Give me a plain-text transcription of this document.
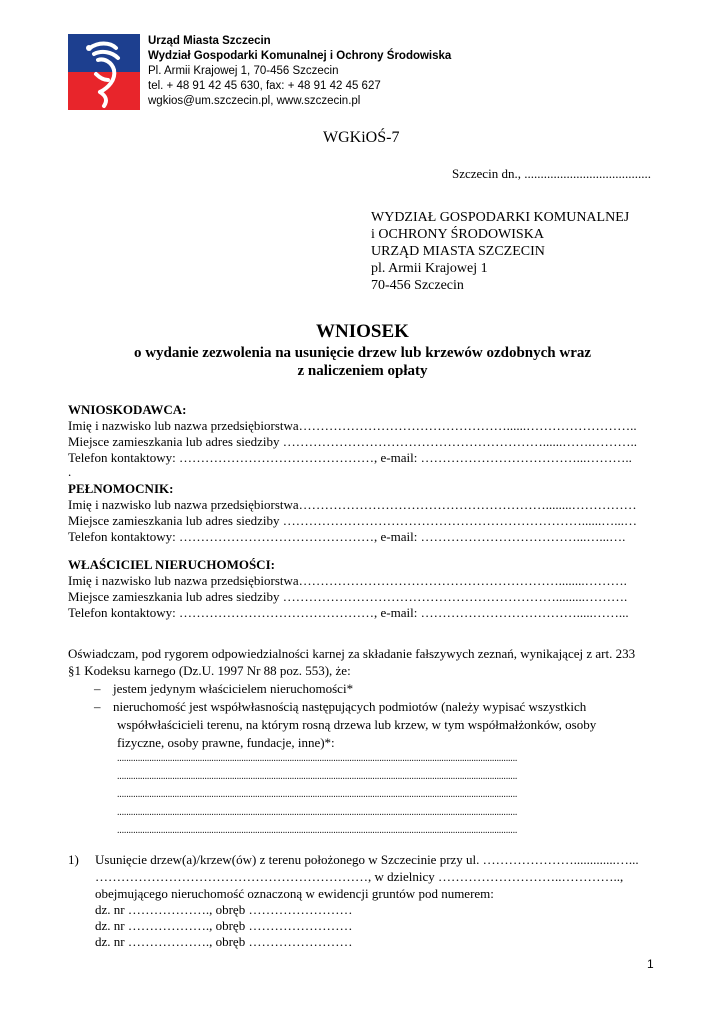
Urząd Miasta Szczecin
Wydział Gospodarki Komunalnej i Ochrony Środowiska
Pl. Armii Krajowej 1, 70-456 Szczecin
tel. + 48 91 42 45 630, fax: + 48 91 42 45 627
wgkios@um.szczecin.pl, www.szczecin.pl
WGKiOŚ-7
Szczecin dn., .......................................
WYDZIAŁ GOSPODARKI KOMUNALNEJ
i OCHRONY ŚRODOWISKA
URZĄD MIASTA SZCZECIN
pl. Armii Krajowej 1
70-456 Szczecin
WNIOSEK
o wydanie zezwolenia na usunięcie drzew lub krzewów ozdobnych wraz
z naliczeniem opłaty
WNIOSKODAWCA:
Imię i nazwisko lub nazwa przedsiębiorstwa…………………………………………......……………………..
Miejsce zamieszkania lub adres siedziby ……………………………………………………......…….………..
Telefon kontaktowy: ………………………………………, e-mail: ………………………………...………..
.
PEŁNOMOCNIK:
Imię i nazwisko lub nazwa przedsiębiorstwa…………………………………………………........……………
Miejsce zamieszkania lub adres siedziby ……………………………………………………………......…...…
Telefon kontaktowy: ………………………………………, e-mail: ………………………………...…...….
WŁAŚCICIEL NIERUCHOMOŚCI:
Imię i nazwisko lub nazwa przedsiębiorstwa……………………………………………………........……….
Miejsce zamieszkania lub adres siedziby ……………………………………………………….........……….
Telefon kontaktowy: ………………………………………, e-mail: ……………………………….....……...
Oświadczam, pod rygorem odpowiedzialności karnej za składanie fałszywych zeznań, wynikającej z art. 233
§1 Kodeksu karnego (Dz.U. 1997 Nr 88 poz. 553), że:
– jestem jedynym właścicielem nieruchomości*
– nieruchomość jest współwłasnością następujących podmiotów (należy wypisać wszystkich
współwłaścicieli terenu, na którym rosną drzewa lub krzew, w tym współmałżonków, osoby
fizyczne, osoby prawne, fundacje, inne)*:
..............................................................................................................................................................................
..............................................................................................................................................................................
..............................................................................................................................................................................
..............................................................................................................................................................................
..............................................................................................................................................................................
1) Usunięcie drzew(a)/krzew(ów) z terenu położonego w Szczecinie przy ul. ………………….............…...
………………………………………………………, w dzielnicy ………………………..…………..,
obejmującego nieruchomość oznaczoną w ewidencji gruntów pod numerem:
dz. nr ………………., obręb ……………………
dz. nr ………………., obręb ……………………
dz. nr ………………., obręb ……………………
1
